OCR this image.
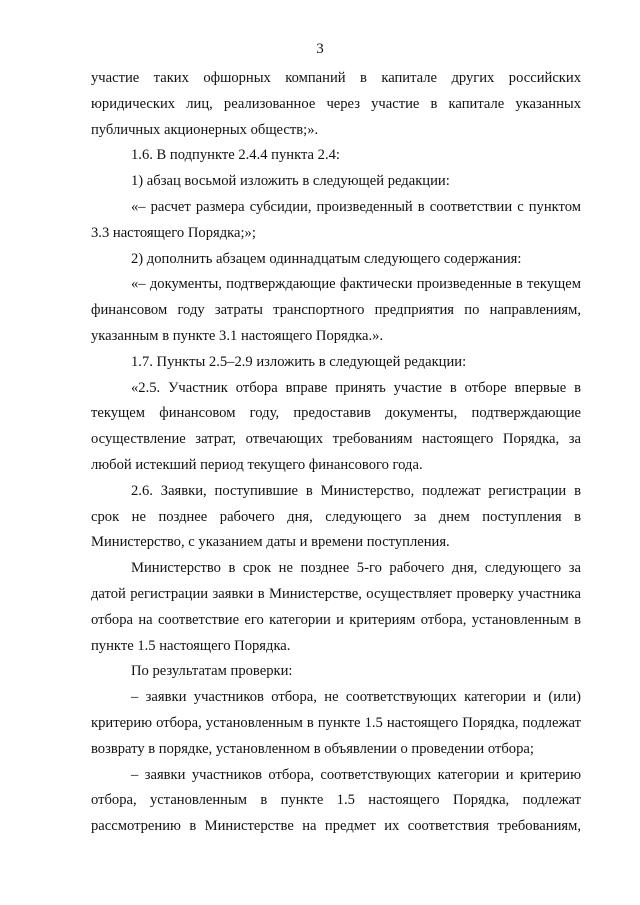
3

участие таких офшорных компаний в капитале других российских юридических лиц, реализованное через участие в капитале указанных публичных акционерных обществ;».

1.6. В подпункте 2.4.4 пункта 2.4:

1) абзац восьмой изложить в следующей редакции:

«– расчет размера субсидии, произведенный в соответствии с пунктом 3.3 настоящего Порядка;»;

2) дополнить абзацем одиннадцатым следующего содержания:

«– документы, подтверждающие фактически произведенные в текущем финансовом году затраты транспортного предприятия по направлениям, указанным в пункте 3.1 настоящего Порядка.».

1.7. Пункты 2.5–2.9 изложить в следующей редакции:

«2.5. Участник отбора вправе принять участие в отборе впервые в текущем финансовом году, предоставив документы, подтверждающие осуществление затрат, отвечающих требованиям настоящего Порядка, за любой истекший период текущего финансового года.

2.6. Заявки, поступившие в Министерство, подлежат регистрации в срок не позднее рабочего дня, следующего за днем поступления в Министерство, с указанием даты и времени поступления.

Министерство в срок не позднее 5-го рабочего дня, следующего за датой регистрации заявки в Министерстве, осуществляет проверку участника отбора на соответствие его категории и критериям отбора, установленным в пункте 1.5 настоящего Порядка.

По результатам проверки:

– заявки участников отбора, не соответствующих категории и (или) критерию отбора, установленным в пункте 1.5 настоящего Порядка, подлежат возврату в порядке, установленном в объявлении о проведении отбора;

– заявки участников отбора, соответствующих категории и критерию отбора, установленным в пункте 1.5 настоящего Порядка, подлежат рассмотрению в Министерстве на предмет их соответствия требованиям,
